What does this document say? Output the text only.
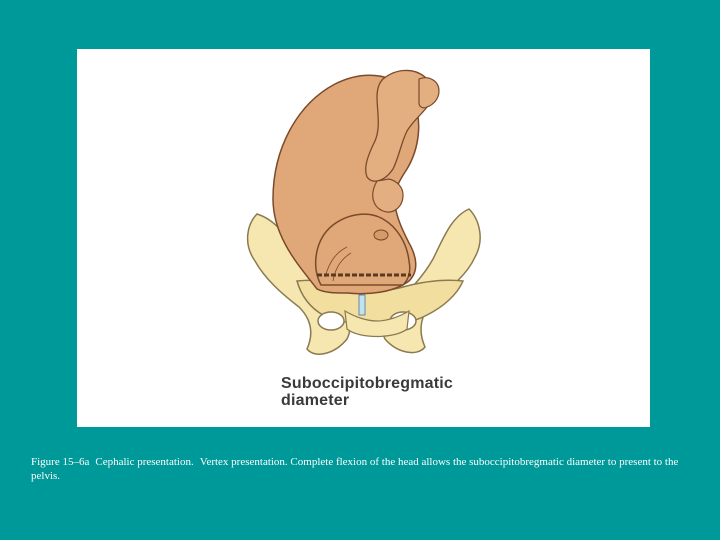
Suboccipitobregmatic
diameter
Figure 15–6a Cephalic presentation. Vertex presentation. Complete flexion of the head allows the suboccipitobregmatic diameter to present to the pelvis.
